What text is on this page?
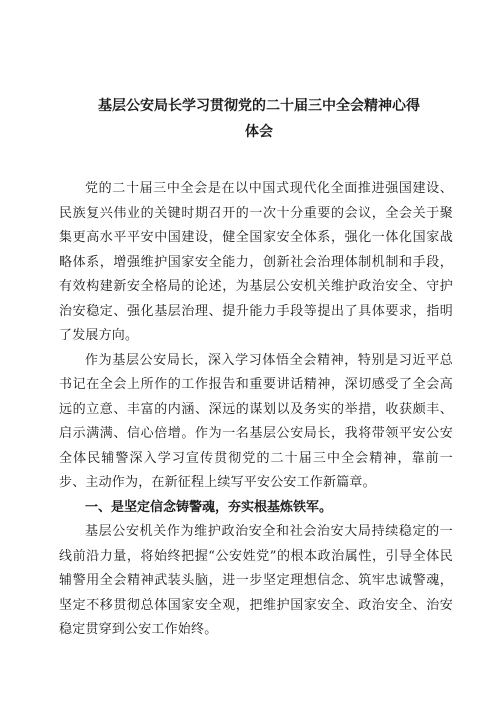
基层公安局长学习贯彻党的二十届三中全会精神心得
体会

党的二十届三中全会是在以中国式现代化全面推进强国建设、民族复兴伟业的关键时期召开的一次十分重要的会议，全会关于聚集更高水平平安中国建设，健全国家安全体系，强化一体化国家战略体系，增强维护国家安全能力，创新社会治理体制机制和手段，有效构建新安全格局的论述，为基层公安机关维护政治安全、守护治安稳定、强化基层治理、提升能力手段等提出了具体要求，指明了发展方向。

作为基层公安局长，深入学习体悟全会精神，特别是习近平总书记在全会上所作的工作报告和重要讲话精神，深切感受了全会高远的立意、丰富的内涵、深远的谋划以及务实的举措，收获颇丰、启示满满、信心倍增。作为一名基层公安局长，我将带领平安公安全体民辅警深入学习宣传贯彻党的二十届三中全会精神，靠前一步、主动作为，在新征程上续写平安公安工作新篇章。

一、是坚定信念铸警魂，夯实根基炼铁军。

基层公安机关作为维护政治安全和社会治安大局持续稳定的一线前沿力量，将始终把握“公安姓党”的根本政治属性，引导全体民辅警用全会精神武装头脑，进一步坚定理想信念、筑牢忠诚警魂，坚定不移贯彻总体国家安全观，把维护国家安全、政治安全、治安稳定贯穿到公安工作始终。
